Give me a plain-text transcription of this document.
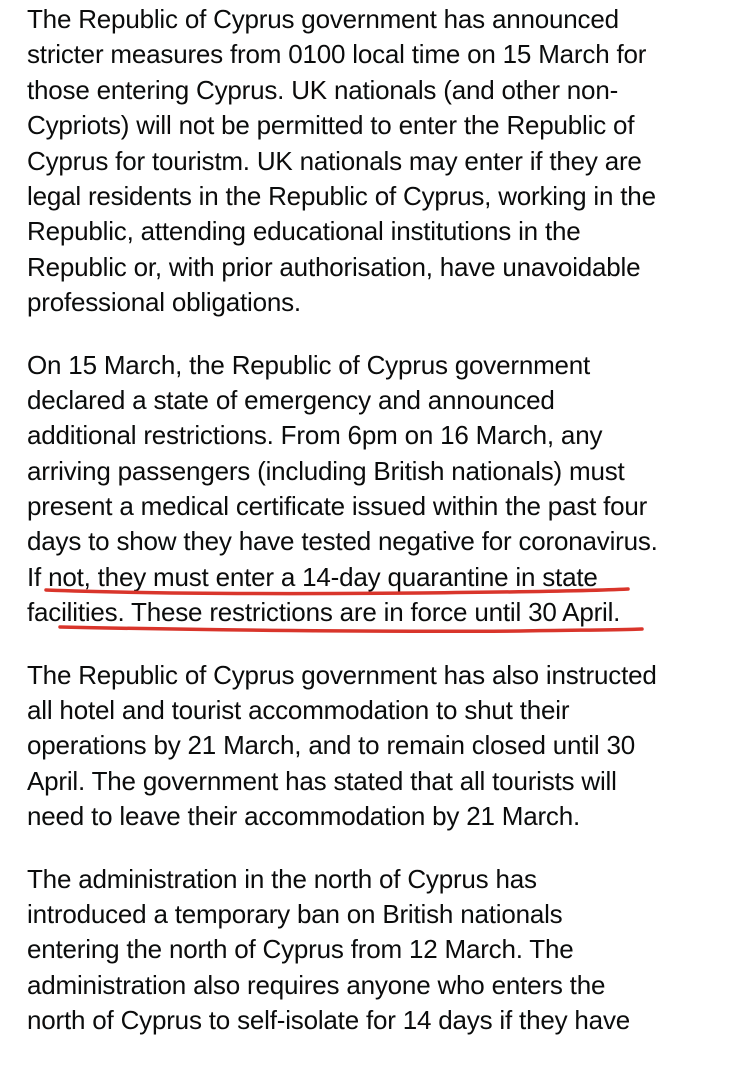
The Republic of Cyprus government has announced
stricter measures from 0100 local time on 15 March for
those entering Cyprus. UK nationals (and other non-
Cypriots) will not be permitted to enter the Republic of
Cyprus for touristm. UK nationals may enter if they are
legal residents in the Republic of Cyprus, working in the
Republic, attending educational institutions in the
Republic or, with prior authorisation, have unavoidable
professional obligations.
On 15 March, the Republic of Cyprus government
declared a state of emergency and announced
additional restrictions. From 6pm on 16 March, any
arriving passengers (including British nationals) must
present a medical certificate issued within the past four
days to show they have tested negative for coronavirus.
If not, they must enter a 14-day quarantine in state
facilities. These restrictions are in force until 30 April.
The Republic of Cyprus government has also instructed
all hotel and tourist accommodation to shut their
operations by 21 March, and to remain closed until 30
April. The government has stated that all tourists will
need to leave their accommodation by 21 March.
The administration in the north of Cyprus has
introduced a temporary ban on British nationals
entering the north of Cyprus from 12 March. The
administration also requires anyone who enters the
north of Cyprus to self-isolate for 14 days if they have
